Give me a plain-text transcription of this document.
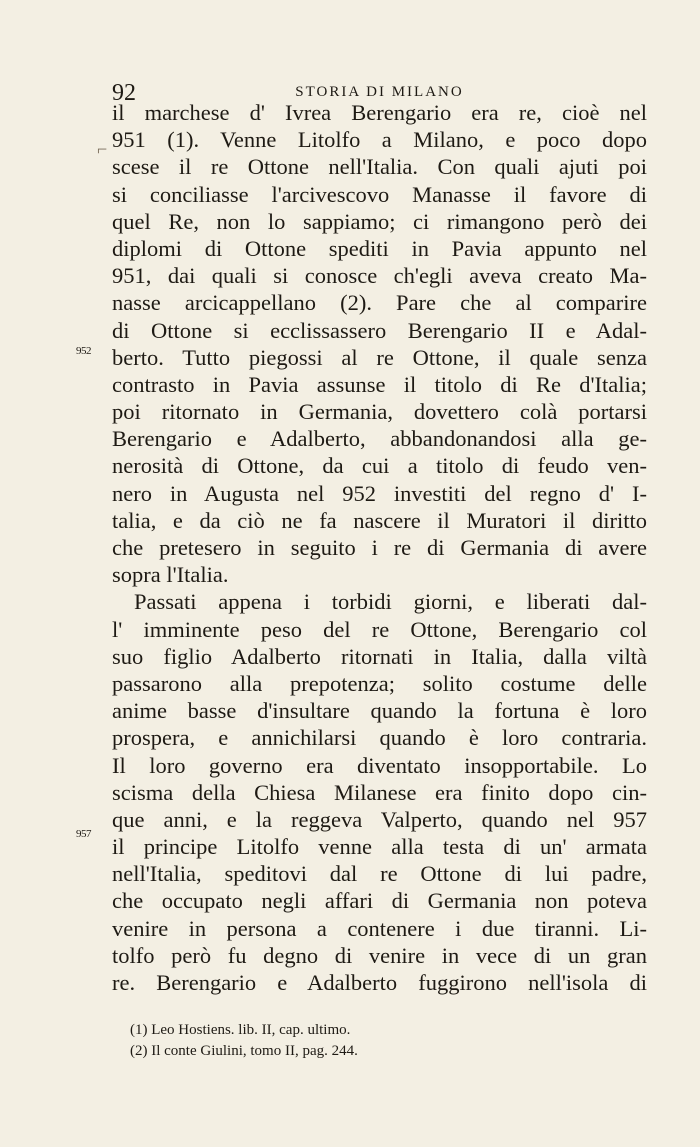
92	STORIA DI MILANO
⌐
952
957
il marchese d' Ivrea Berengario era re, cioè nel
951 (1). Venne Litolfo a Milano, e poco dopo
scese il re Ottone nell'Italia. Con quali ajuti poi
si conciliasse l'arcivescovo Manasse il favore di
quel Re, non lo sappiamo; ci rimangono però dei
diplomi di Ottone spediti in Pavia appunto nel
951, dai quali si conosce ch'egli aveva creato Ma-
nasse arcicappellano (2). Pare che al comparire
di Ottone si ecclissassero Berengario II e Adal-
berto. Tutto piegossi al re Ottone, il quale senza
contrasto in Pavia assunse il titolo di Re d'Italia;
poi ritornato in Germania, dovettero colà portarsi
Berengario e Adalberto, abbandonandosi alla ge-
nerosità di Ottone, da cui a titolo di feudo ven-
nero in Augusta nel 952 investiti del regno d' I-
talia, e da ciò ne fa nascere il Muratori il diritto
che pretesero in seguito i re di Germania di avere
sopra l'Italia.
Passati appena i torbidi giorni, e liberati dal-
l' imminente peso del re Ottone, Berengario col
suo figlio Adalberto ritornati in Italia, dalla viltà
passarono alla prepotenza; solito costume delle
anime basse d'insultare quando la fortuna è loro
prospera, e annichilarsi quando è loro contraria.
Il loro governo era diventato insopportabile. Lo
scisma della Chiesa Milanese era finito dopo cin-
que anni, e la reggeva Valperto, quando nel 957
il principe Litolfo venne alla testa di un' armata
nell'Italia, speditovi dal re Ottone di lui padre,
che occupato negli affari di Germania non poteva
venire in persona a contenere i due tiranni. Li-
tolfo però fu degno di venire in vece di un gran
re. Berengario e Adalberto fuggirono nell'isola di
(1) Leo Hostiens. lib. II, cap. ultimo.
(2) Il conte Giulini, tomo II, pag. 244.
